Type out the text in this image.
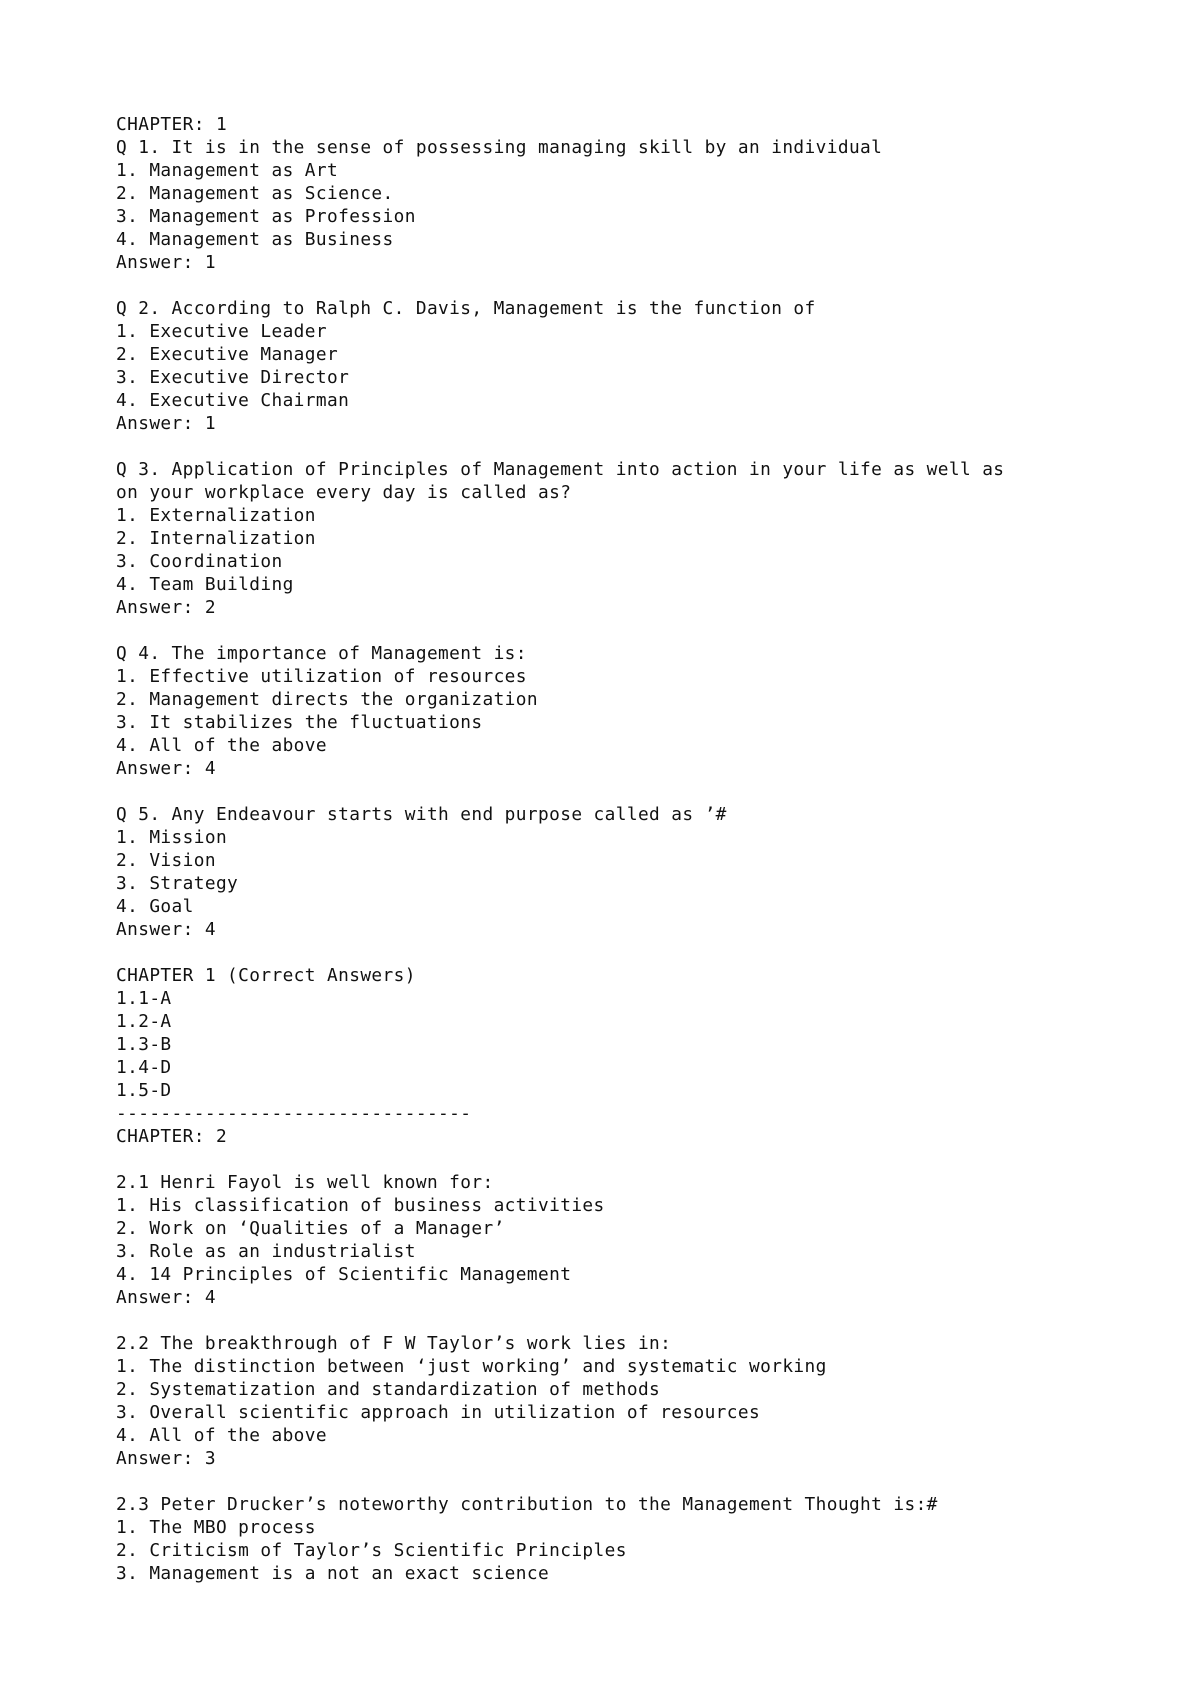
CHAPTER: 1
Q 1. It is in the sense of possessing managing skill by an individual
1. Management as Art
2. Management as Science.
3. Management as Profession
4. Management as Business
Answer: 1
Q 2. According to Ralph C. Davis, Management is the function of
1. Executive Leader
2. Executive Manager
3. Executive Director
4. Executive Chairman
Answer: 1
Q 3. Application of Principles of Management into action in your life as well as
on your workplace every day is called as?
1. Externalization
2. Internalization
3. Coordination
4. Team Building
Answer: 2
Q 4. The importance of Management is:
1. Effective utilization of resources
2. Management directs the organization
3. It stabilizes the fluctuations
4. All of the above
Answer: 4
Q 5. Any Endeavour starts with end purpose called as ’#
1. Mission
2. Vision
3. Strategy
4. Goal
Answer: 4
CHAPTER 1 (Correct Answers)
1.1-A
1.2-A
1.3-B
1.4-D
1.5-D
--------------------------------
CHAPTER: 2
2.1 Henri Fayol is well known for:
1. His classification of business activities
2. Work on ‘Qualities of a Manager’
3. Role as an industrialist
4. 14 Principles of Scientific Management
Answer: 4
2.2 The breakthrough of F W Taylor’s work lies in:
1. The distinction between ‘just working’ and systematic working
2. Systematization and standardization of methods
3. Overall scientific approach in utilization of resources
4. All of the above
Answer: 3
2.3 Peter Drucker’s noteworthy contribution to the Management Thought is:#
1. The MBO process
2. Criticism of Taylor’s Scientific Principles
3. Management is a not an exact science
